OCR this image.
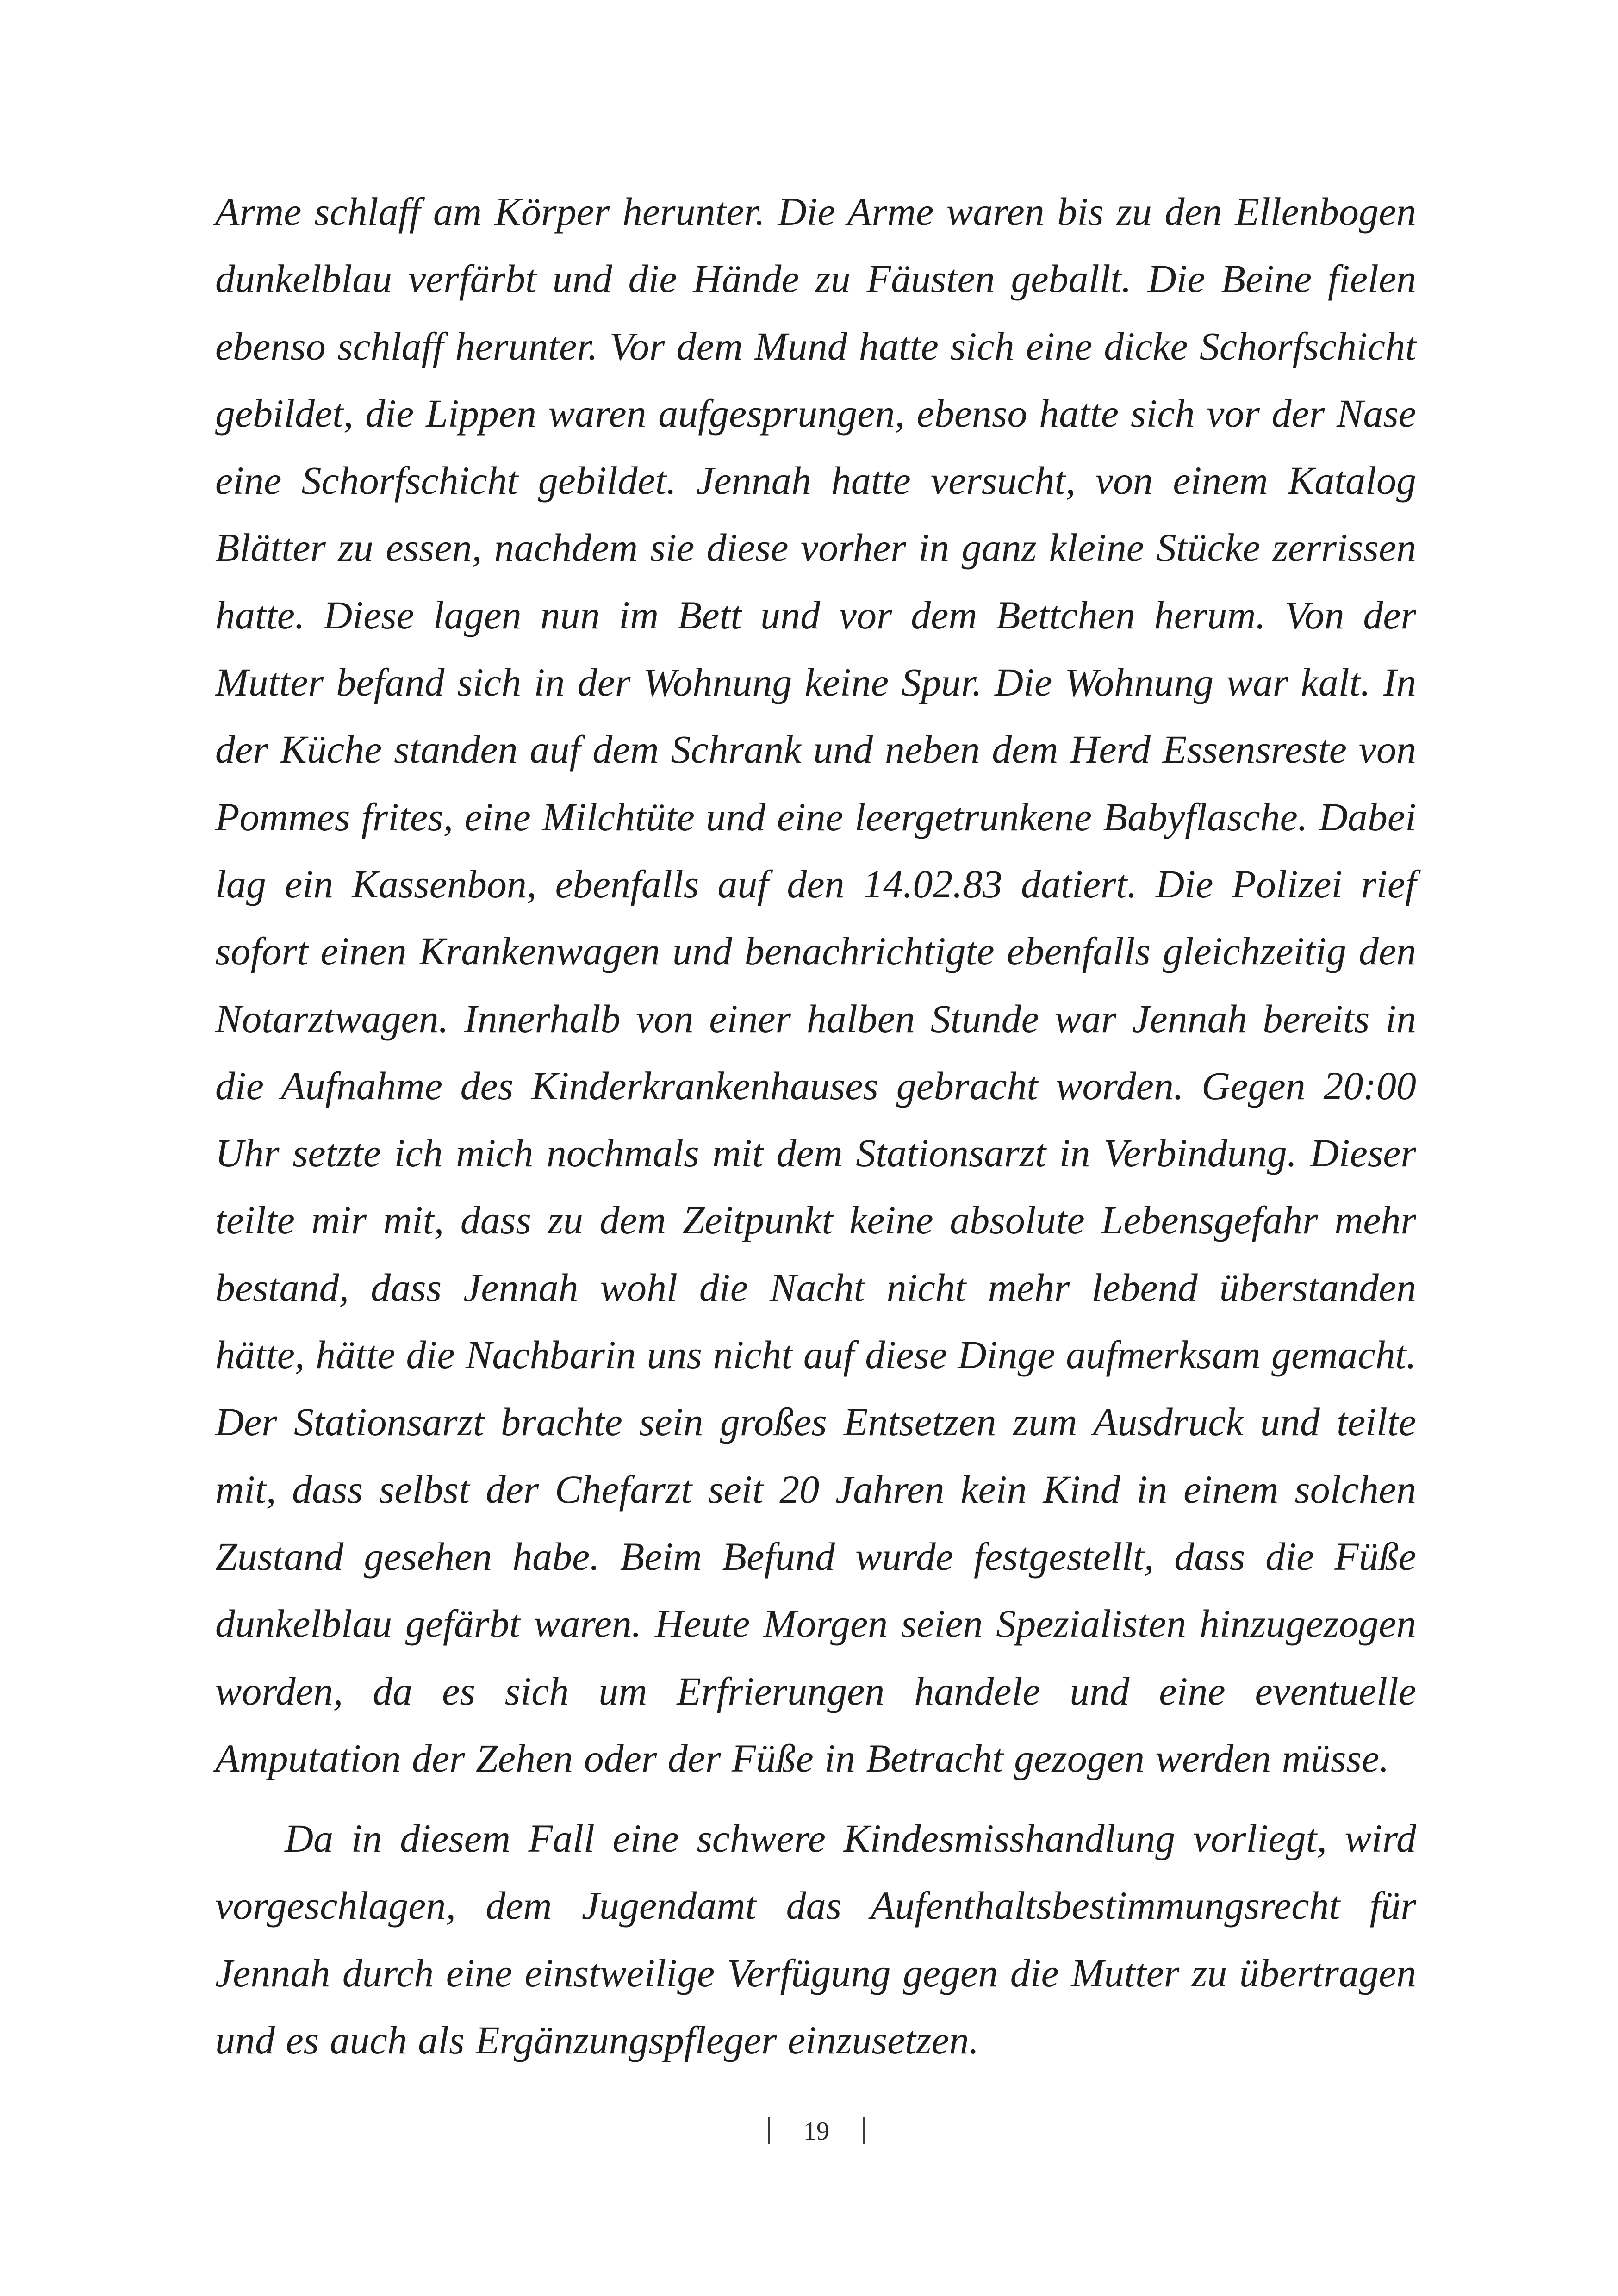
Arme schlaff am Körper herunter. Die Arme waren bis zu den Ellenbogen dunkelblau verfärbt und die Hände zu Fäusten geballt. Die Beine fielen ebenso schlaff herunter. Vor dem Mund hatte sich eine dicke Schorfschicht gebildet, die Lippen waren aufgesprungen, ebenso hatte sich vor der Nase eine Schorfschicht gebildet. Jennah hatte versucht, von einem Katalog Blätter zu essen, nachdem sie diese vorher in ganz kleine Stücke zerrissen hatte. Diese lagen nun im Bett und vor dem Bettchen herum. Von der Mutter befand sich in der Wohnung keine Spur. Die Wohnung war kalt. In der Küche standen auf dem Schrank und neben dem Herd Essensreste von Pommes frites, eine Milchtüte und eine leergetrunkene Babyflasche. Dabei lag ein Kassenbon, ebenfalls auf den 14.02.83 datiert. Die Polizei rief sofort einen Krankenwagen und benachrichtigte ebenfalls gleichzeitig den Notarztwagen. Innerhalb von einer halben Stunde war Jennah bereits in die Aufnahme des Kinderkrankenhauses gebracht worden. Gegen 20:00 Uhr setzte ich mich nochmals mit dem Stationsarzt in Verbindung. Dieser teilte mir mit, dass zu dem Zeitpunkt keine absolute Lebensgefahr mehr bestand, dass Jennah wohl die Nacht nicht mehr lebend überstanden hätte, hätte die Nachbarin uns nicht auf diese Dinge aufmerksam gemacht. Der Stationsarzt brachte sein großes Entsetzen zum Ausdruck und teilte mit, dass selbst der Chefarzt seit 20 Jahren kein Kind in einem solchen Zustand gesehen habe. Beim Befund wurde festgestellt, dass die Füße dunkelblau gefärbt waren. Heute Morgen seien Spezialisten hinzugezogen worden, da es sich um Erfrierungen handele und eine eventuelle Amputation der Zehen oder der Füße in Betracht gezogen werden müsse.

Da in diesem Fall eine schwere Kindesmisshandlung vorliegt, wird vorgeschlagen, dem Jugendamt das Aufenthaltsbestimmungsrecht für Jennah durch eine einstweilige Verfügung gegen die Mutter zu übertragen und es auch als Ergänzungspfleger einzusetzen.

19
